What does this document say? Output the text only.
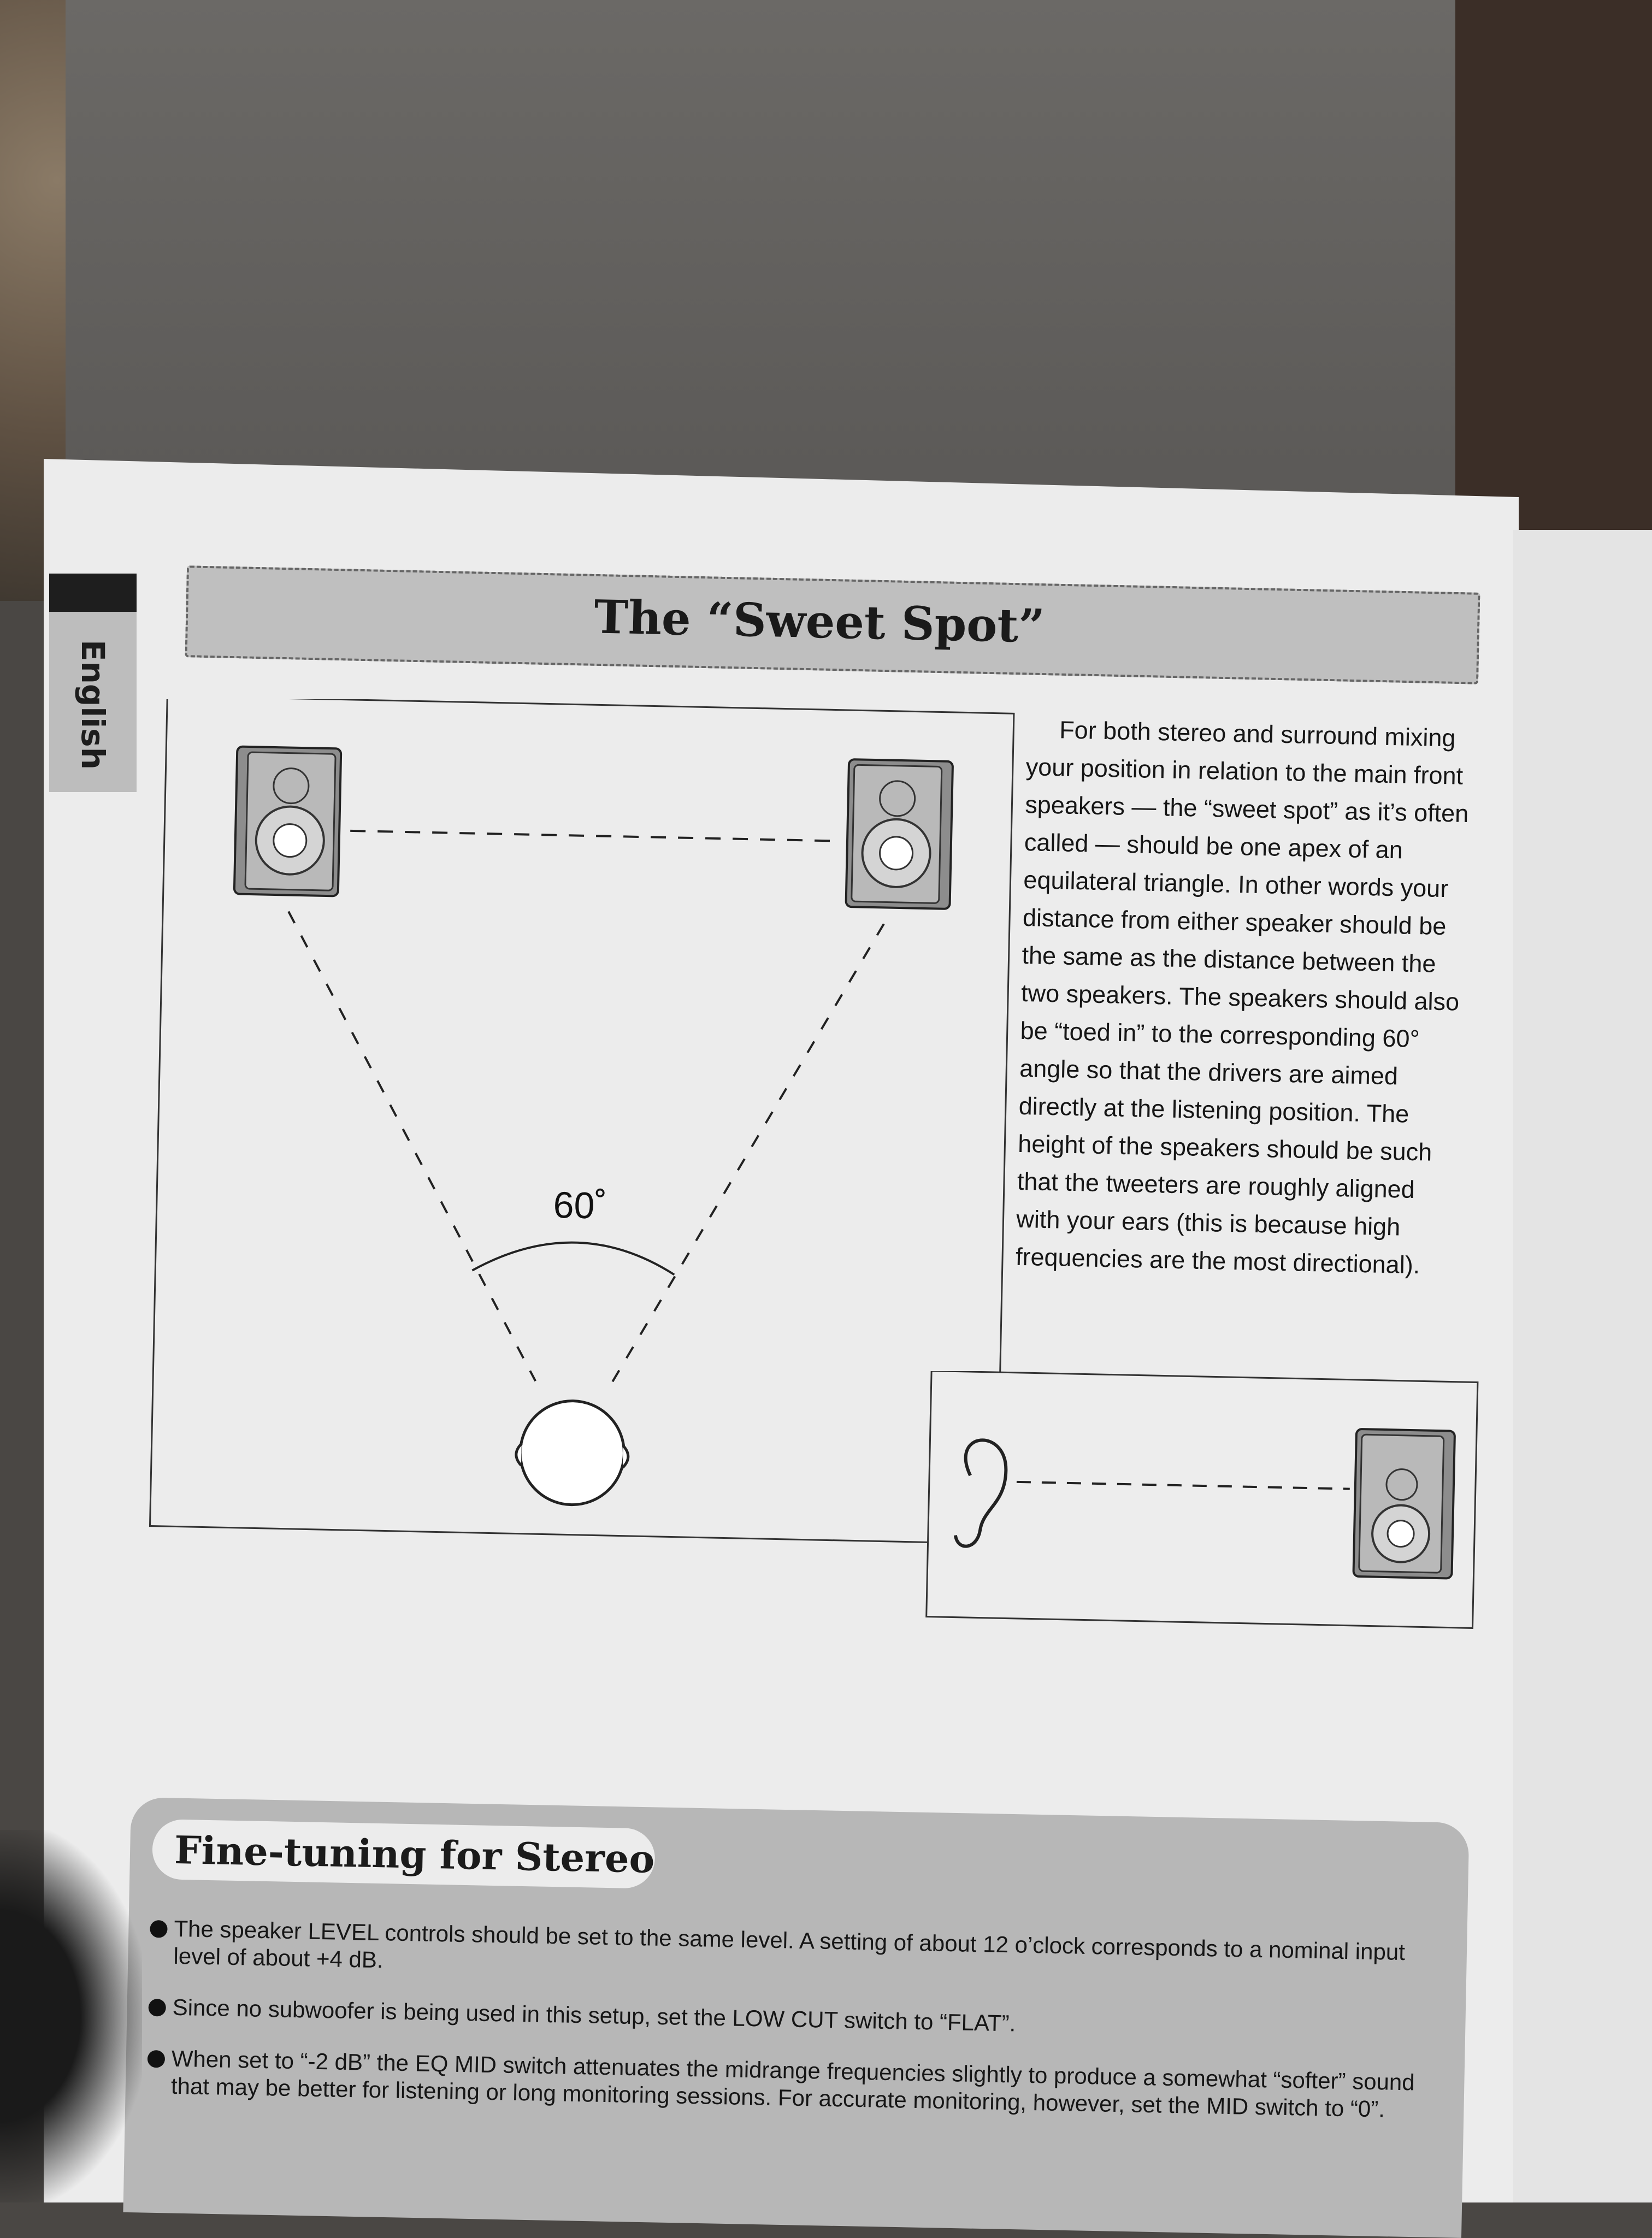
English
The “Sweet Spot”
60˚

For both stereo and surround mixing your position in relation to the main front speakers — the “sweet spot” as it’s often called — should be one apex of an equilateral triangle. In other words your distance from either speaker should be the same as the distance between the two speakers. The speakers should also be “toed in” to the corresponding 60° angle so that the drivers are aimed directly at the listening position. The height of the speakers should be such that the tweeters are roughly aligned with your ears (this is because high frequencies are the most directional).

Fine-tuning for Stereo
The speaker LEVEL controls should be set to the same level. A setting of about 12 o’clock corresponds to a nominal input level of about +4 dB.
Since no subwoofer is being used in this setup, set the LOW CUT switch to “FLAT”.
When set to “-2 dB” the EQ MID switch attenuates the midrange frequencies slightly to produce a somewhat “softer” sound that may be better for listening or long monitoring sessions. For accurate monitoring, however, set the MID switch to “0”.
